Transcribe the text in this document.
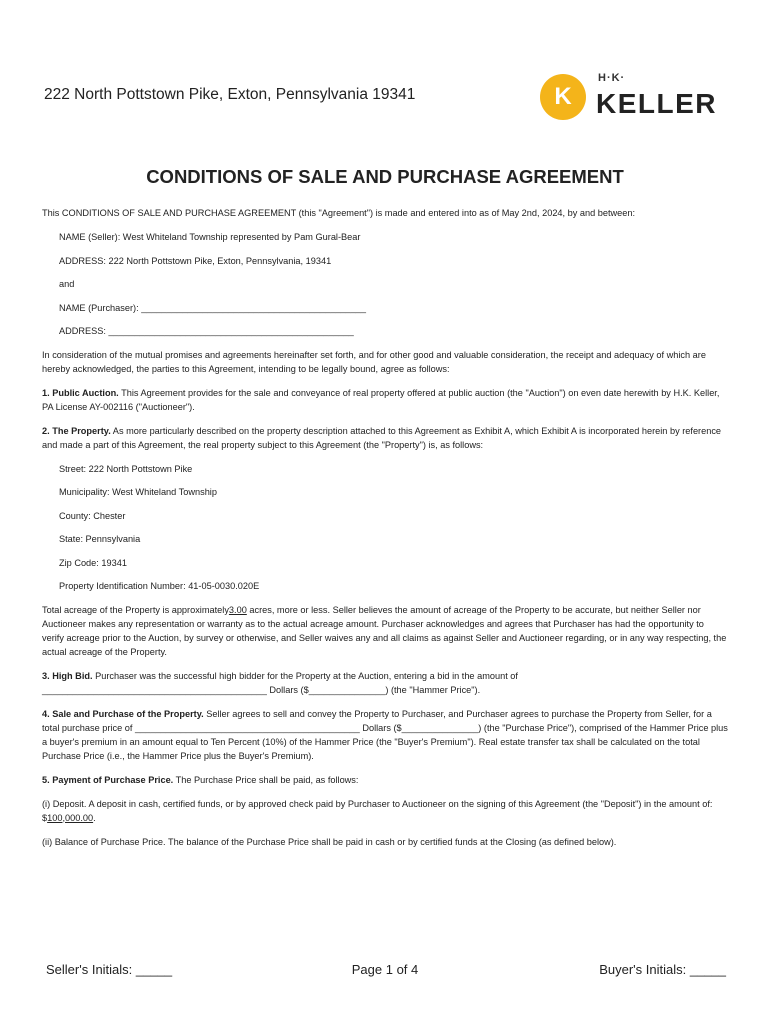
222 North Pottstown Pike, Exton, Pennsylvania 19341	K
H·K·
KELLER
CONDITIONS OF SALE AND PURCHASE AGREEMENT

This CONDITIONS OF SALE AND PURCHASE AGREEMENT (this "Agreement") is made and entered into as of May 2nd, 2024, by and between:

NAME (Seller): West Whiteland Township represented by Pam Gural-Bear

ADDRESS: 222 North Pottstown Pike, Exton, Pennsylvania, 19341

and

NAME (Purchaser): ____________________________________________

ADDRESS: ________________________________________________

In consideration of the mutual promises and agreements hereinafter set forth, and for other good and valuable consideration, the receipt and adequacy of which are hereby acknowledged, the parties to this Agreement, intending to be legally bound, agree as follows:

1. Public Auction. This Agreement provides for the sale and conveyance of real property offered at public auction (the "Auction") on even date herewith by H.K. Keller, PA License AY-002116 ("Auctioneer").

2. The Property. As more particularly described on the property description attached to this Agreement as Exhibit A, which Exhibit A is incorporated herein by reference and made a part of this Agreement, the real property subject to this Agreement (the "Property") is, as follows:

Street: 222 North Pottstown Pike

Municipality: West Whiteland Township

County: Chester

State: Pennsylvania

Zip Code: 19341

Property Identification Number: 41-05-0030.020E

Total acreage of the Property is approximately3.00 acres, more or less. Seller believes the amount of acreage of the Property to be accurate, but neither Seller nor Auctioneer makes any representation or warranty as to the actual acreage amount. Purchaser acknowledges and agrees that Purchaser has had the opportunity to verify acreage prior to the Auction, by survey or otherwise, and Seller waives any and all claims as against Seller and Auctioneer regarding, or in any way respecting, the actual acreage of the Property.

3. High Bid. Purchaser was the successful high bidder for the Property at the Auction, entering a bid in the amount of ____________________________________________ Dollars ($_______________) (the "Hammer Price").

4. Sale and Purchase of the Property. Seller agrees to sell and convey the Property to Purchaser, and Purchaser agrees to purchase the Property from Seller, for a total purchase price of ____________________________________________ Dollars ($_______________) (the "Purchase Price"), comprised of the Hammer Price plus a buyer's premium in an amount equal to Ten Percent (10%) of the Hammer Price (the "Buyer's Premium"). Real estate transfer tax shall be calculated on the total Purchase Price (i.e., the Hammer Price plus the Buyer's Premium).

5. Payment of Purchase Price. The Purchase Price shall be paid, as follows:

(i) Deposit. A deposit in cash, certified funds, or by approved check paid by Purchaser to Auctioneer on the signing of this Agreement (the "Deposit") in the amount of: $100,000.00.

(ii) Balance of Purchase Price. The balance of the Purchase Price shall be paid in cash or by certified funds at the Closing (as defined below).

Seller's Initials: _____	Page 1 of 4	Buyer's Initials: _____
